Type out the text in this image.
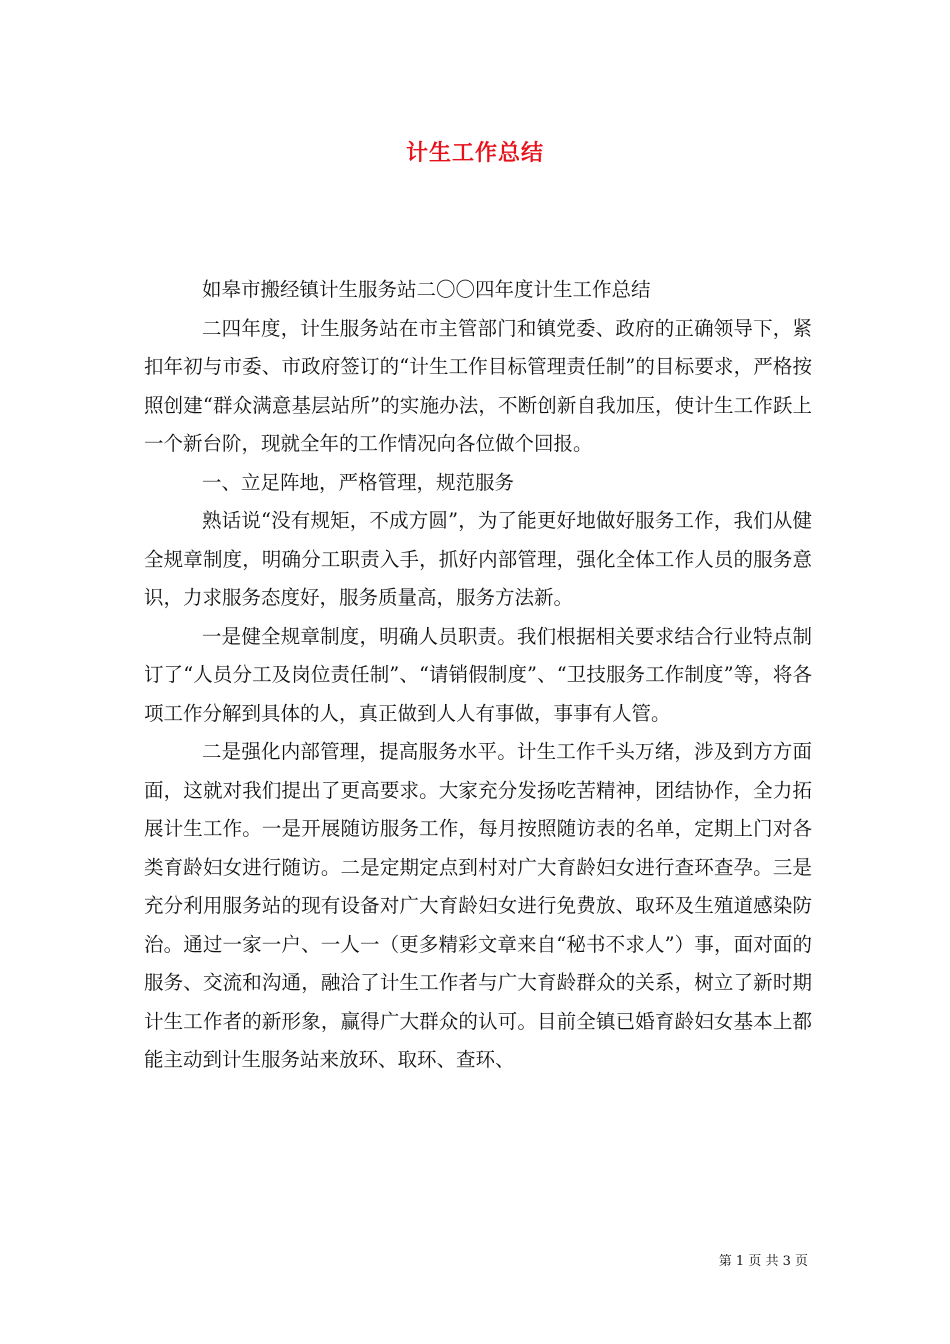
计生工作总结

如皋市搬经镇计生服务站二〇〇四年度计生工作总结

二四年度，计生服务站在市主管部门和镇党委、政府的正确领导下，紧扣年初与市委、市政府签订的“计生工作目标管理责任制”的目标要求，严格按照创建“群众满意基层站所”的实施办法，不断创新自我加压，使计生工作跃上一个新台阶，现就全年的工作情况向各位做个回报。

一、立足阵地，严格管理，规范服务

熟话说“没有规矩，不成方圆”，为了能更好地做好服务工作，我们从健全规章制度，明确分工职责入手，抓好内部管理，强化全体工作人员的服务意识，力求服务态度好，服务质量高，服务方法新。

一是健全规章制度，明确人员职责。我们根据相关要求结合行业特点制订了“人员分工及岗位责任制”、“请销假制度”、“卫技服务工作制度”等，将各项工作分解到具体的人，真正做到人人有事做，事事有人管。

二是强化内部管理，提高服务水平。计生工作千头万绪，涉及到方方面面，这就对我们提出了更高要求。大家充分发扬吃苦精神，团结协作，全力拓展计生工作。一是开展随访服务工作，每月按照随访表的名单，定期上门对各类育龄妇女进行随访。二是定期定点到村对广大育龄妇女进行查环查孕。三是充分利用服务站的现有设备对广大育龄妇女进行免费放、取环及生殖道感染防治。通过一家一户、一人一（更多精彩文章来自“秘书不求人”）事，面对面的服务、交流和沟通，融洽了计生工作者与广大育龄群众的关系，树立了新时期计生工作者的新形象，赢得广大群众的认可。目前全镇已婚育龄妇女基本上都能主动到计生服务站来放环、取环、查环、

第 1 页 共 3 页
